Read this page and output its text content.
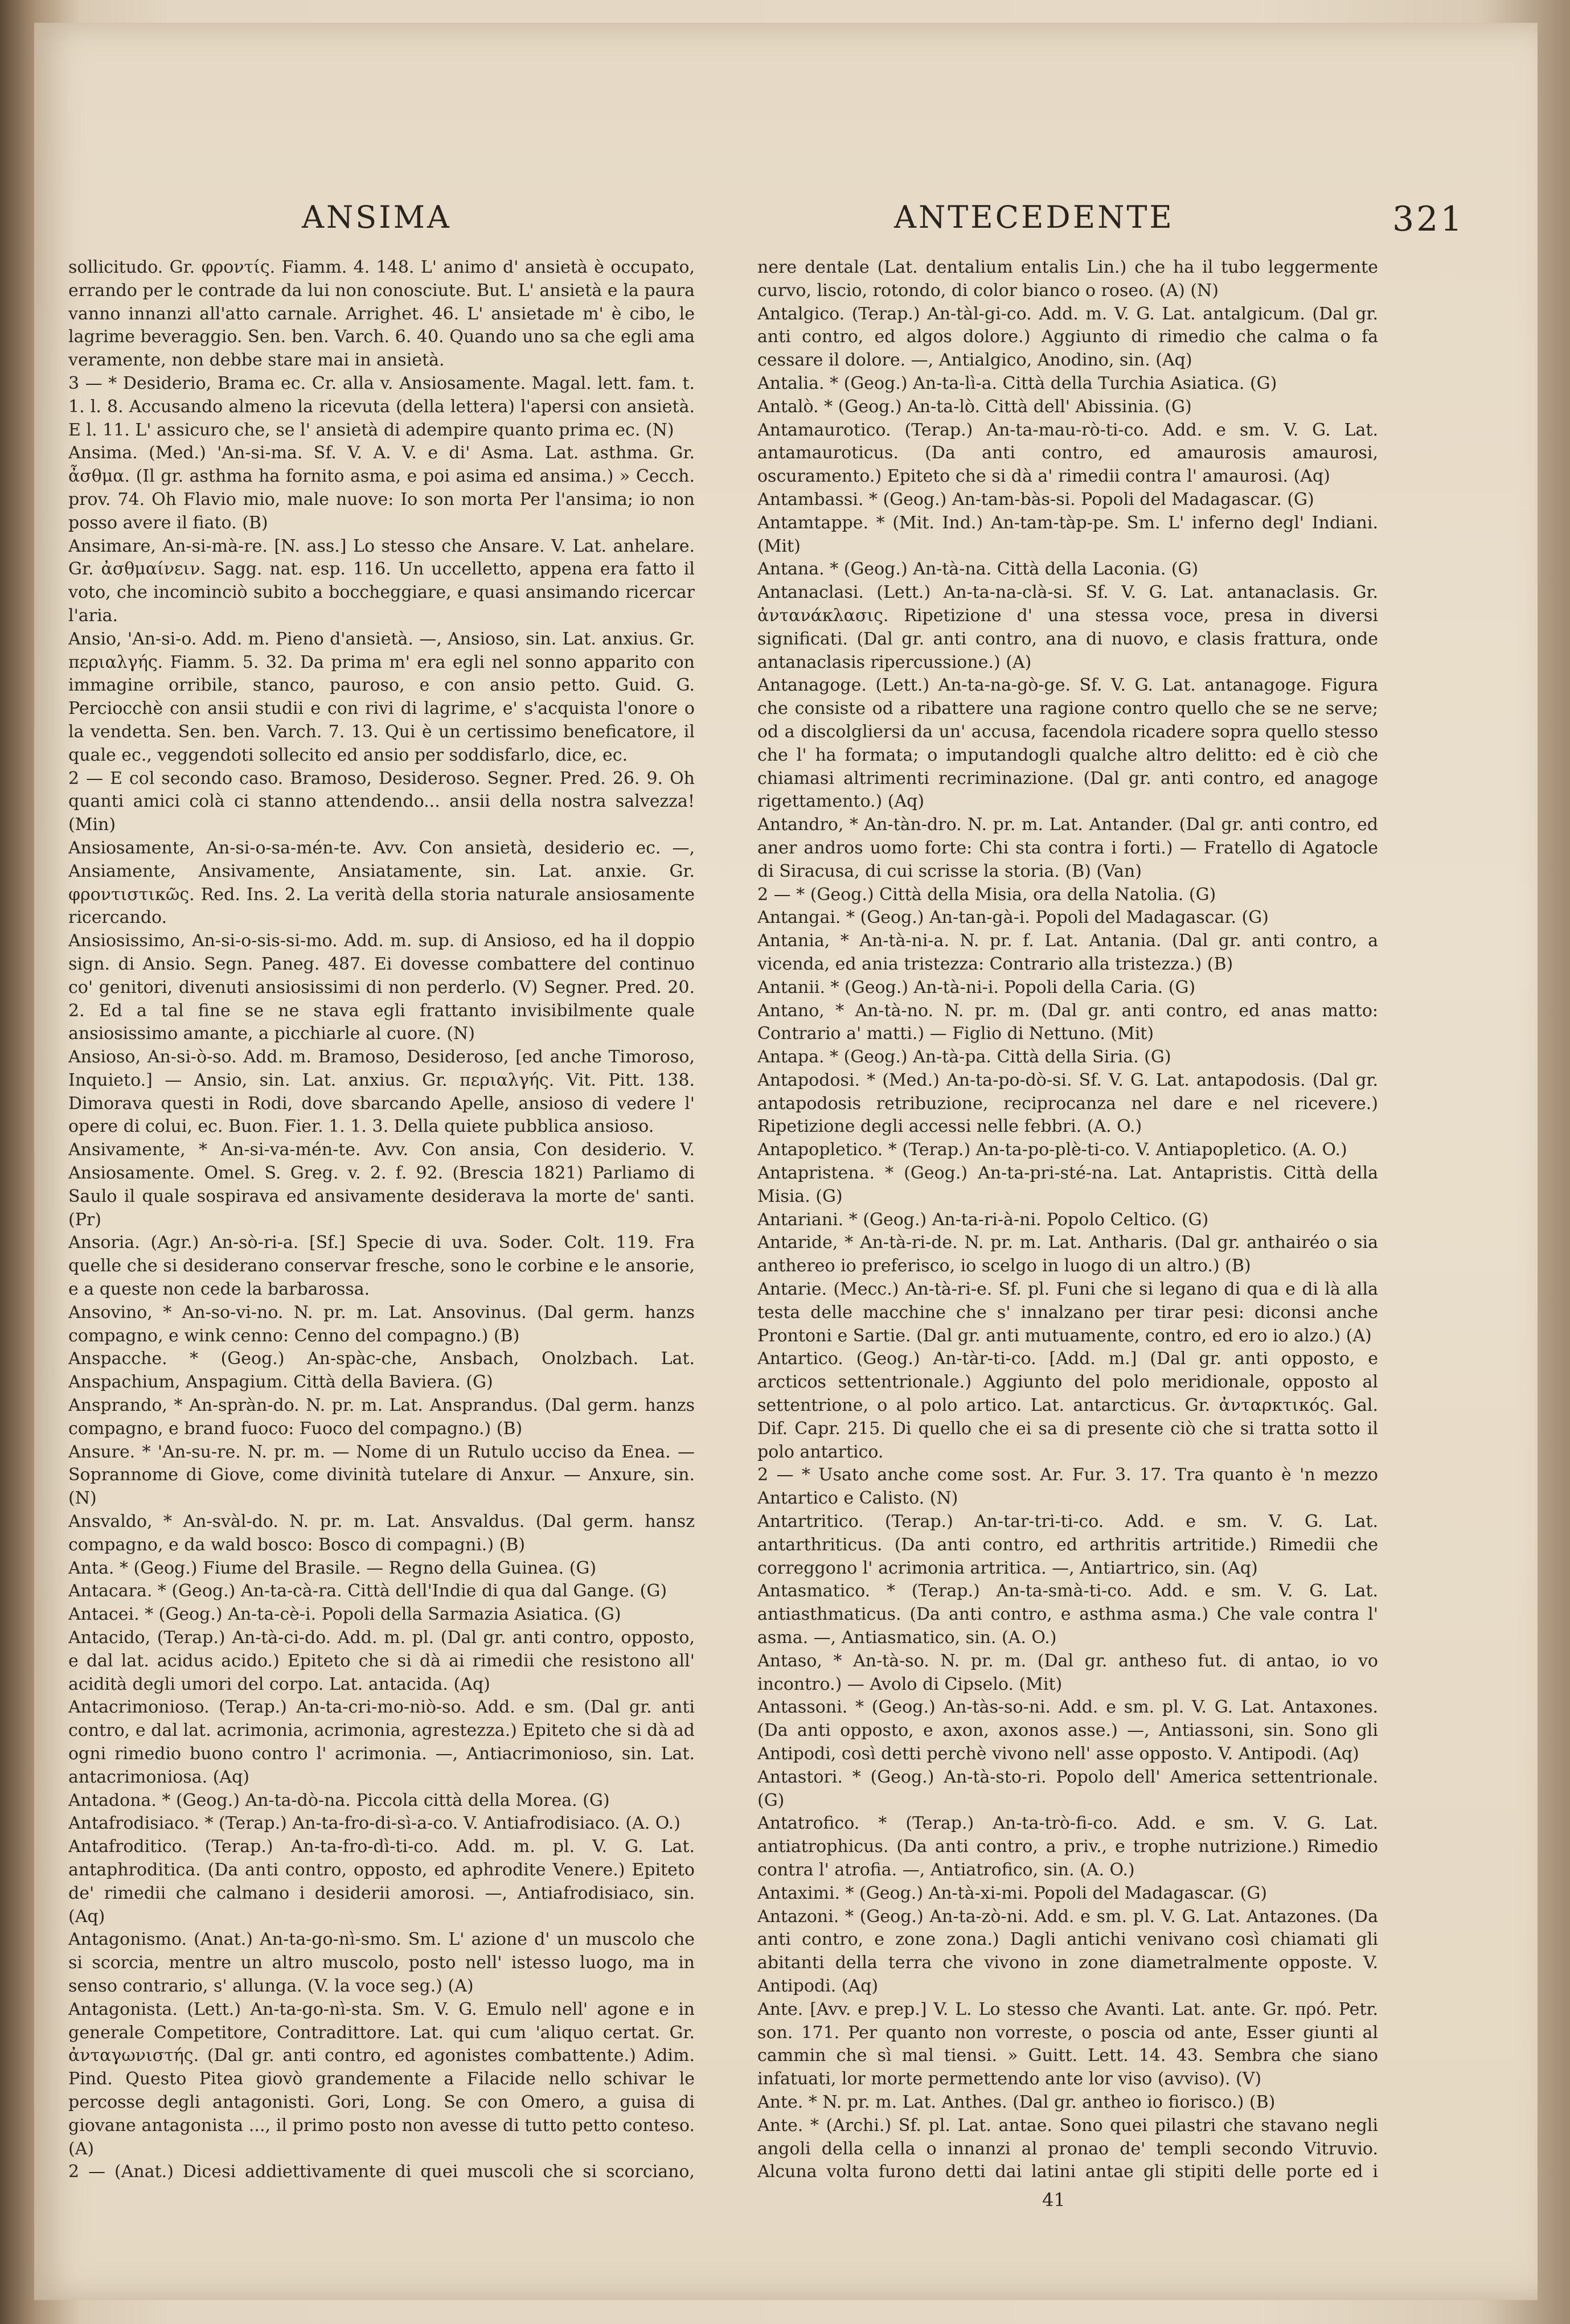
ANSIMA	ANTECEDENTE	321

sollicitudo. Gr. φροντίς. Fiamm. 4. 148. L' animo d' ansietà è occupato, errando per le contrade da lui non conosciute. But. L' ansietà e la paura vanno innanzi all'atto carnale. Arrighet. 46. L' ansietade m' è cibo, le lagrime beveraggio. Sen. ben. Varch. 6. 40. Quando uno sa che egli ama veramente, non debbe stare mai in ansietà.

3 — * Desiderio, Brama ec. Cr. alla v. Ansiosamente. Magal. lett. fam. t. 1. l. 8. Accusando almeno la ricevuta (della lettera) l'apersi con ansietà. E l. 11. L' assicuro che, se l' ansietà di adempire quanto prima ec. (N)

Ansima. (Med.) 'An-si-ma. Sf. V. A. V. e di' Asma. Lat. asthma. Gr. ἆσθμα. (Il gr. asthma ha fornito asma, e poi asima ed ansima.) » Cecch. prov. 74. Oh Flavio mio, male nuove: Io son morta Per l'ansima; io non posso avere il fiato. (B)

Ansimare, An-si-mà-re. [N. ass.] Lo stesso che Ansare. V. Lat. anhelare. Gr. ἀσθμαίνειν. Sagg. nat. esp. 116. Un uccelletto, appena era fatto il voto, che incominciò subito a boccheggiare, e quasi ansimando ricercar l'aria.

Ansio, 'An-si-o. Add. m. Pieno d'ansietà. —, Ansioso, sin. Lat. anxius. Gr. περιαλγής. Fiamm. 5. 32. Da prima m' era egli nel sonno apparito con immagine orribile, stanco, pauroso, e con ansio petto. Guid. G. Perciocchè con ansii studii e con rivi di lagrime, e' s'acquista l'onore o la vendetta. Sen. ben. Varch. 7. 13. Qui è un certissimo beneficatore, il quale ec., veggendoti sollecito ed ansio per soddisfarlo, dice, ec.

2 — E col secondo caso. Bramoso, Desideroso. Segner. Pred. 26. 9. Oh quanti amici colà ci stanno attendendo... ansii della nostra salvezza! (Min)

Ansiosamente, An-si-o-sa-mén-te. Avv. Con ansietà, desiderio ec. —, Ansiamente, Ansivamente, Ansiatamente, sin. Lat. anxie. Gr. φροντιστικῶς. Red. Ins. 2. La verità della storia naturale ansiosamente ricercando.

Ansiosissimo, An-si-o-sis-si-mo. Add. m. sup. di Ansioso, ed ha il doppio sign. di Ansio. Segn. Paneg. 487. Ei dovesse combattere del continuo co' genitori, divenuti ansiosissimi di non perderlo. (V) Segner. Pred. 20. 2. Ed a tal fine se ne stava egli frattanto invisibilmente quale ansiosissimo amante, a picchiarle al cuore. (N)

Ansioso, An-si-ò-so. Add. m. Bramoso, Desideroso, [ed anche Timoroso, Inquieto.] — Ansio, sin. Lat. anxius. Gr. περιαλγής. Vit. Pitt. 138. Dimorava questi in Rodi, dove sbarcando Apelle, ansioso di vedere l' opere di colui, ec. Buon. Fier. 1. 1. 3. Della quiete pubblica ansioso.

Ansivamente, * An-si-va-mén-te. Avv. Con ansia, Con desiderio. V. Ansiosamente. Omel. S. Greg. v. 2. f. 92. (Brescia 1821) Parliamo di Saulo il quale sospirava ed ansivamente desiderava la morte de' santi. (Pr)

Ansoria. (Agr.) An-sò-ri-a. [Sf.] Specie di uva. Soder. Colt. 119. Fra quelle che si desiderano conservar fresche, sono le corbine e le ansorie, e a queste non cede la barbarossa.

Ansovino, * An-so-vi-no. N. pr. m. Lat. Ansovinus. (Dal germ. hanzs compagno, e wink cenno: Cenno del compagno.) (B)

Anspacche. * (Geog.) An-spàc-che, Ansbach, Onolzbach. Lat. Anspachium, Anspagium. Città della Baviera. (G)

Ansprando, * An-spràn-do. N. pr. m. Lat. Ansprandus. (Dal germ. hanzs compagno, e brand fuoco: Fuoco del compagno.) (B)

Ansure. * 'An-su-re. N. pr. m. — Nome di un Rutulo ucciso da Enea. — Soprannome di Giove, come divinità tutelare di Anxur. — Anxure, sin. (N)

Ansvaldo, * An-svàl-do. N. pr. m. Lat. Ansvaldus. (Dal germ. hansz compagno, e da wald bosco: Bosco di compagni.) (B)

Anta. * (Geog.) Fiume del Brasile. — Regno della Guinea. (G)

Antacara. * (Geog.) An-ta-cà-ra. Città dell'Indie di qua dal Gange. (G)

Antacei. * (Geog.) An-ta-cè-i. Popoli della Sarmazia Asiatica. (G)

Antacido, (Terap.) An-tà-ci-do. Add. m. pl. (Dal gr. anti contro, opposto, e dal lat. acidus acido.) Epiteto che si dà ai rimedii che resistono all' acidità degli umori del corpo. Lat. antacida. (Aq)

Antacrimonioso. (Terap.) An-ta-cri-mo-niò-so. Add. e sm. (Dal gr. anti contro, e dal lat. acrimonia, acrimonia, agrestezza.) Epiteto che si dà ad ogni rimedio buono contro l' acrimonia. —, Antiacrimonioso, sin. Lat. antacrimoniosa. (Aq)

Antadona. * (Geog.) An-ta-dò-na. Piccola città della Morea. (G)

Antafrodisiaco. * (Terap.) An-ta-fro-di-sì-a-co. V. Antiafrodisiaco. (A. O.)

Antafroditico. (Terap.) An-ta-fro-dì-ti-co. Add. m. pl. V. G. Lat. antaphroditica. (Da anti contro, opposto, ed aphrodite Venere.) Epiteto de' rimedii che calmano i desiderii amorosi. —, Antiafrodisiaco, sin. (Aq)

Antagonismo. (Anat.) An-ta-go-nì-smo. Sm. L' azione d' un muscolo che si scorcia, mentre un altro muscolo, posto nell' istesso luogo, ma in senso contrario, s' allunga. (V. la voce seg.) (A)

Antagonista. (Lett.) An-ta-go-nì-sta. Sm. V. G. Emulo nell' agone e in generale Competitore, Contradittore. Lat. qui cum 'aliquo certat. Gr. ἀνταγωνιστής. (Dal gr. anti contro, ed agonistes combattente.) Adim. Pind. Questo Pitea giovò grandemente a Filacide nello schivar le percosse degli antagonisti. Gori, Long. Se con Omero, a guisa di giovane antagonista ..., il primo posto non avesse di tutto petto conteso. (A)

2 — (Anat.) Dicesi addiettivamente di quei muscoli che si scorciano,

nere dentale (Lat. dentalium entalis Lin.) che ha il tubo leggermente curvo, liscio, rotondo, di color bianco o roseo. (A) (N)

Antalgico. (Terap.) An-tàl-gi-co. Add. m. V. G. Lat. antalgicum. (Dal gr. anti contro, ed algos dolore.) Aggiunto di rimedio che calma o fa cessare il dolore. —, Antialgico, Anodino, sin. (Aq)

Antalia. * (Geog.) An-ta-lì-a. Città della Turchia Asiatica. (G)

Antalò. * (Geog.) An-ta-lò. Città dell' Abissinia. (G)

Antamaurotico. (Terap.) An-ta-mau-rò-ti-co. Add. e sm. V. G. Lat. antamauroticus. (Da anti contro, ed amaurosis amaurosi, oscuramento.) Epiteto che si dà a' rimedii contra l' amaurosi. (Aq)

Antambassi. * (Geog.) An-tam-bàs-si. Popoli del Madagascar. (G)

Antamtappe. * (Mit. Ind.) An-tam-tàp-pe. Sm. L' inferno degl' Indiani. (Mit)

Antana. * (Geog.) An-tà-na. Città della Laconia. (G)

Antanaclasi. (Lett.) An-ta-na-clà-si. Sf. V. G. Lat. antanaclasis. Gr. ἀντανάκλασις. Ripetizione d' una stessa voce, presa in diversi significati. (Dal gr. anti contro, ana di nuovo, e clasis frattura, onde antanaclasis ripercussione.) (A)

Antanagoge. (Lett.) An-ta-na-gò-ge. Sf. V. G. Lat. antanagoge. Figura che consiste od a ribattere una ragione contro quello che se ne serve; od a discolgliersi da un' accusa, facendola ricadere sopra quello stesso che l' ha formata; o imputandogli qualche altro delitto: ed è ciò che chiamasi altrimenti recriminazione. (Dal gr. anti contro, ed anagoge rigettamento.) (Aq)

Antandro, * An-tàn-dro. N. pr. m. Lat. Antander. (Dal gr. anti contro, ed aner andros uomo forte: Chi sta contra i forti.) — Fratello di Agatocle di Siracusa, di cui scrisse la storia. (B) (Van)

2 — * (Geog.) Città della Misia, ora della Natolia. (G)

Antangai. * (Geog.) An-tan-gà-i. Popoli del Madagascar. (G)

Antania, * An-tà-ni-a. N. pr. f. Lat. Antania. (Dal gr. anti contro, a vicenda, ed ania tristezza: Contrario alla tristezza.) (B)

Antanii. * (Geog.) An-tà-ni-i. Popoli della Caria. (G)

Antano, * An-tà-no. N. pr. m. (Dal gr. anti contro, ed anas matto: Contrario a' matti.) — Figlio di Nettuno. (Mit)

Antapa. * (Geog.) An-tà-pa. Città della Siria. (G)

Antapodosi. * (Med.) An-ta-po-dò-si. Sf. V. G. Lat. antapodosis. (Dal gr. antapodosis retribuzione, reciprocanza nel dare e nel ricevere.) Ripetizione degli accessi nelle febbri. (A. O.)

Antapopletico. * (Terap.) An-ta-po-plè-ti-co. V. Antiapopletico. (A. O.)

Antapristena. * (Geog.) An-ta-pri-sté-na. Lat. Antapristis. Città della Misia. (G)

Antariani. * (Geog.) An-ta-ri-à-ni. Popolo Celtico. (G)

Antaride, * An-tà-ri-de. N. pr. m. Lat. Antharis. (Dal gr. anthairéo o sia anthereo io preferisco, io scelgo in luogo di un altro.) (B)

Antarie. (Mecc.) An-tà-ri-e. Sf. pl. Funi che si legano di qua e di là alla testa delle macchine che s' innalzano per tirar pesi: diconsi anche Prontoni e Sartie. (Dal gr. anti mutuamente, contro, ed ero io alzo.) (A)

Antartico. (Geog.) An-tàr-ti-co. [Add. m.] (Dal gr. anti opposto, e arcticos settentrionale.) Aggiunto del polo meridionale, opposto al settentrione, o al polo artico. Lat. antarcticus. Gr. ἀνταρκτικός. Gal. Dif. Capr. 215. Di quello che ei sa di presente ciò che si tratta sotto il polo antartico.

2 — * Usato anche come sost. Ar. Fur. 3. 17. Tra quanto è 'n mezzo Antartico e Calisto. (N)

Antartritico. (Terap.) An-tar-tri-ti-co. Add. e sm. V. G. Lat. antarthriticus. (Da anti contro, ed arthritis artritide.) Rimedii che correggono l' acrimonia artritica. —, Antiartrico, sin. (Aq)

Antasmatico. * (Terap.) An-ta-smà-ti-co. Add. e sm. V. G. Lat. antiasthmaticus. (Da anti contro, e asthma asma.) Che vale contra l' asma. —, Antiasmatico, sin. (A. O.)

Antaso, * An-tà-so. N. pr. m. (Dal gr. antheso fut. di antao, io vo incontro.) — Avolo di Cipselo. (Mit)

Antassoni. * (Geog.) An-tàs-so-ni. Add. e sm. pl. V. G. Lat. Antaxones. (Da anti opposto, e axon, axonos asse.) —, Antiassoni, sin. Sono gli Antipodi, così detti perchè vivono nell' asse opposto. V. Antipodi. (Aq)

Antastori. * (Geog.) An-tà-sto-ri. Popolo dell' America settentrionale. (G)

Antatrofico. * (Terap.) An-ta-trò-fi-co. Add. e sm. V. G. Lat. antiatrophicus. (Da anti contro, a priv., e trophe nutrizione.) Rimedio contra l' atrofia. —, Antiatrofico, sin. (A. O.)

Antaximi. * (Geog.) An-tà-xi-mi. Popoli del Madagascar. (G)

Antazoni. * (Geog.) An-ta-zò-ni. Add. e sm. pl. V. G. Lat. Antazones. (Da anti contro, e zone zona.) Dagli antichi venivano così chiamati gli abitanti della terra che vivono in zone diametralmente opposte. V. Antipodi. (Aq)

Ante. [Avv. e prep.] V. L. Lo stesso che Avanti. Lat. ante. Gr. πρό. Petr. son. 171. Per quanto non vorreste, o poscia od ante, Esser giunti al cammin che sì mal tiensi. » Guitt. Lett. 14. 43. Sembra che siano infatuati, lor morte permettendo ante lor viso (avviso). (V)

Ante. * N. pr. m. Lat. Anthes. (Dal gr. antheo io fiorisco.) (B)

Ante. * (Archi.) Sf. pl. Lat. antae. Sono quei pilastri che stavano negli angoli della cella o innanzi al pronao de' templi secondo Vitruvio. Alcuna volta furono detti dai latini antae gli stipiti delle porte ed i

41
